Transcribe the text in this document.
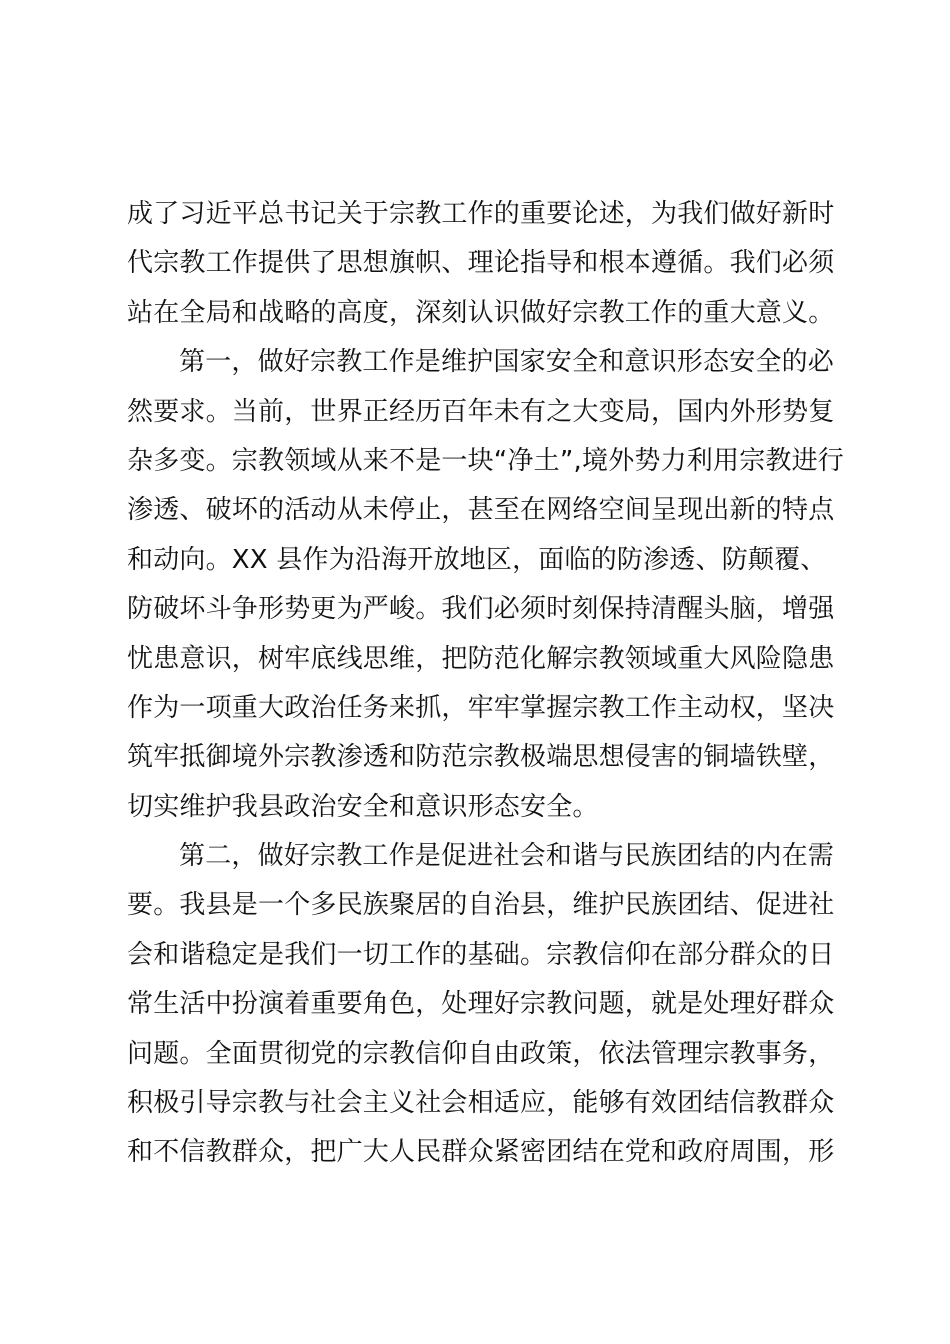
成了习近平总书记关于宗教工作的重要论述，为我们做好新时
代宗教工作提供了思想旗帜、理论指导和根本遵循。我们必须
站在全局和战略的高度，深刻认识做好宗教工作的重大意义。
第一，做好宗教工作是维护国家安全和意识形态安全的必
然要求。当前，世界正经历百年未有之大变局，国内外形势复
杂多变。宗教领域从来不是一块“净土”,境外势力利用宗教进行
渗透、破坏的活动从未停止，甚至在网络空间呈现出新的特点
和动向。XX 县作为沿海开放地区，面临的防渗透、防颠覆、
防破坏斗争形势更为严峻。我们必须时刻保持清醒头脑，增强
忧患意识，树牢底线思维，把防范化解宗教领域重大风险隐患
作为一项重大政治任务来抓，牢牢掌握宗教工作主动权，坚决
筑牢抵御境外宗教渗透和防范宗教极端思想侵害的铜墙铁壁，
切实维护我县政治安全和意识形态安全。
第二，做好宗教工作是促进社会和谐与民族团结的内在需
要。我县是一个多民族聚居的自治县，维护民族团结、促进社
会和谐稳定是我们一切工作的基础。宗教信仰在部分群众的日
常生活中扮演着重要角色，处理好宗教问题，就是处理好群众
问题。全面贯彻党的宗教信仰自由政策，依法管理宗教事务，
积极引导宗教与社会主义社会相适应，能够有效团结信教群众
和不信教群众，把广大人民群众紧密团结在党和政府周围，形
